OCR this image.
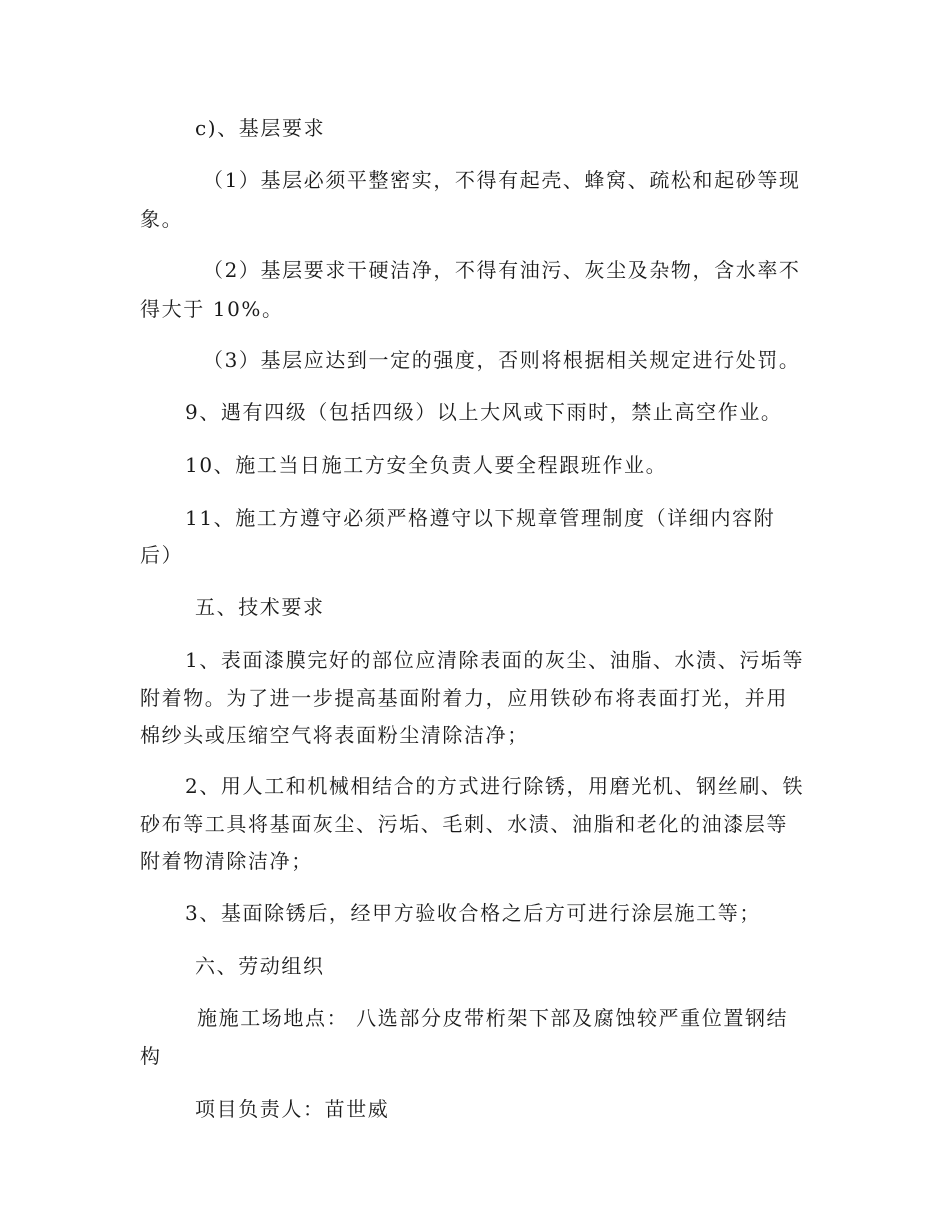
c)、基层要求
（1）基层必须平整密实，不得有起壳、蜂窝、疏松和起砂等现
象。
（2）基层要求干硬洁净，不得有油污、灰尘及杂物，含水率不
得大于 10%。
（3）基层应达到一定的强度，否则将根据相关规定进行处罚。
9、遇有四级（包括四级）以上大风或下雨时，禁止高空作业。
10、施工当日施工方安全负责人要全程跟班作业。
11、施工方遵守必须严格遵守以下规章管理制度（详细内容附
后）
五、技术要求
1、表面漆膜完好的部位应清除表面的灰尘、油脂、水渍、污垢等
附着物。为了进一步提高基面附着力，应用铁砂布将表面打光，并用
棉纱头或压缩空气将表面粉尘清除洁净；
2、用人工和机械相结合的方式进行除锈，用磨光机、钢丝刷、铁
砂布等工具将基面灰尘、污垢、毛刺、水渍、油脂和老化的油漆层等
附着物清除洁净；
3、基面除锈后，经甲方验收合格之后方可进行涂层施工等；
六、劳动组织
施施工场地点： 八选部分皮带桁架下部及腐蚀较严重位置钢结
构
项目负责人：苗世威
